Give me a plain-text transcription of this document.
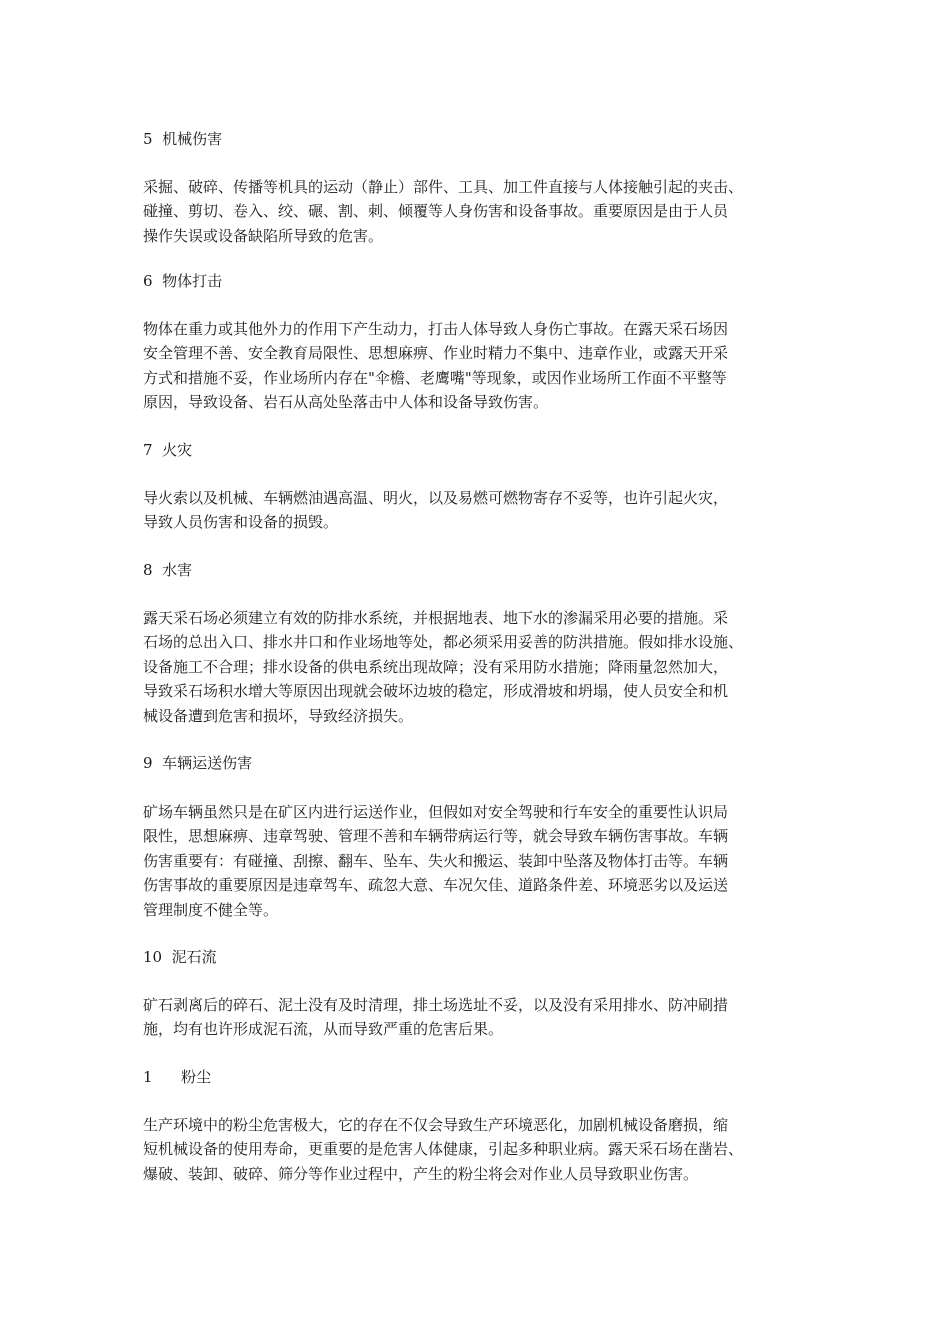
5  机械伤害
采掘、破碎、传播等机具的运动（静止）部件、工具、加工件直接与人体接触引起的夹击、
碰撞、剪切、卷入、绞、碾、割、刺、倾覆等人身伤害和设备事故。重要原因是由于人员
操作失误或设备缺陷所导致的危害。
6  物体打击
物体在重力或其他外力的作用下产生动力，打击人体导致人身伤亡事故。在露天采石场因
安全管理不善、安全教育局限性、思想麻痹、作业时精力不集中、违章作业，或露天开采
方式和措施不妥，作业场所内存在"伞檐、老鹰嘴"等现象，或因作业场所工作面不平整等
原因，导致设备、岩石从高处坠落击中人体和设备导致伤害。
7  火灾
导火索以及机械、车辆燃油遇高温、明火，以及易燃可燃物寄存不妥等，也许引起火灾，
导致人员伤害和设备的损毁。
8  水害
露天采石场必须建立有效的防排水系统，并根据地表、地下水的渗漏采用必要的措施。采
石场的总出入口、排水井口和作业场地等处，都必须采用妥善的防洪措施。假如排水设施、
设备施工不合理；排水设备的供电系统出现故障；没有采用防水措施；降雨量忽然加大，
导致采石场积水增大等原因出现就会破坏边坡的稳定，形成滑坡和坍塌，使人员安全和机
械设备遭到危害和损坏，导致经济损失。
9  车辆运送伤害
矿场车辆虽然只是在矿区内进行运送作业，但假如对安全驾驶和行车安全的重要性认识局
限性，思想麻痹、违章驾驶、管理不善和车辆带病运行等，就会导致车辆伤害事故。车辆
伤害重要有：有碰撞、刮擦、翻车、坠车、失火和搬运、装卸中坠落及物体打击等。车辆
伤害事故的重要原因是违章驾车、疏忽大意、车况欠佳、道路条件差、环境恶劣以及运送
管理制度不健全等。
10  泥石流
矿石剥离后的碎石、泥土没有及时清理，排土场选址不妥，以及没有采用排水、防冲刷措
施，均有也许形成泥石流，从而导致严重的危害后果。
1      粉尘
生产环境中的粉尘危害极大，它的存在不仅会导致生产环境恶化，加剧机械设备磨损，缩
短机械设备的使用寿命，更重要的是危害人体健康，引起多种职业病。露天采石场在凿岩、
爆破、装卸、破碎、筛分等作业过程中，产生的粉尘将会对作业人员导致职业伤害。
